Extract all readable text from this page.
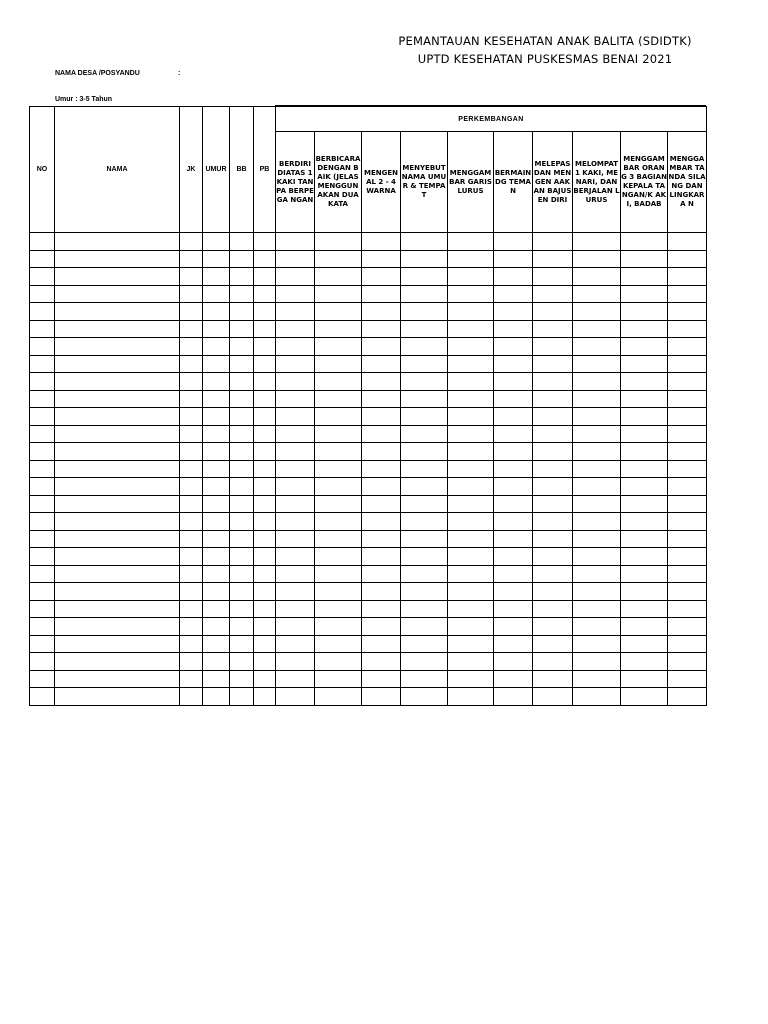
PEMANTAUAN KESEHATAN ANAK BALITA (SDIDTK)
UPTD KESEHATAN PUSKESMAS BENAI 2021
NAMA DESA /POSYANDU	:
Umur : 3-5 Tahun
NO	NAMA	JK	UMUR	BB	PB	PERKEMBANGAN									
						BERDIRI DIATAS 1 KAKI TANPA BERPEGA NGAN	BERBICARA DENGAN BAIK (JELAS MENGGUN AKAN DUA KATA	MENGEN AL 2 - 4 WARNA	MENYEBUT NAMA UMUR & TEMPAT	MENGGAM BAR GARIS LURUS	BERMAIN DG TEMAN	MELEPAS DAN MENGEN AAKAN BAJUSEN DIRI	MELOMPAT 1 KAKI, MENARI, DAN BERJALAN LURUS	MENGGAM BAR ORANG 3 BAGIAN KEPALA TANGAN/K AKI, BADAB	MENGGA MBAR TANDA SILANG DAN LINGKARA N
